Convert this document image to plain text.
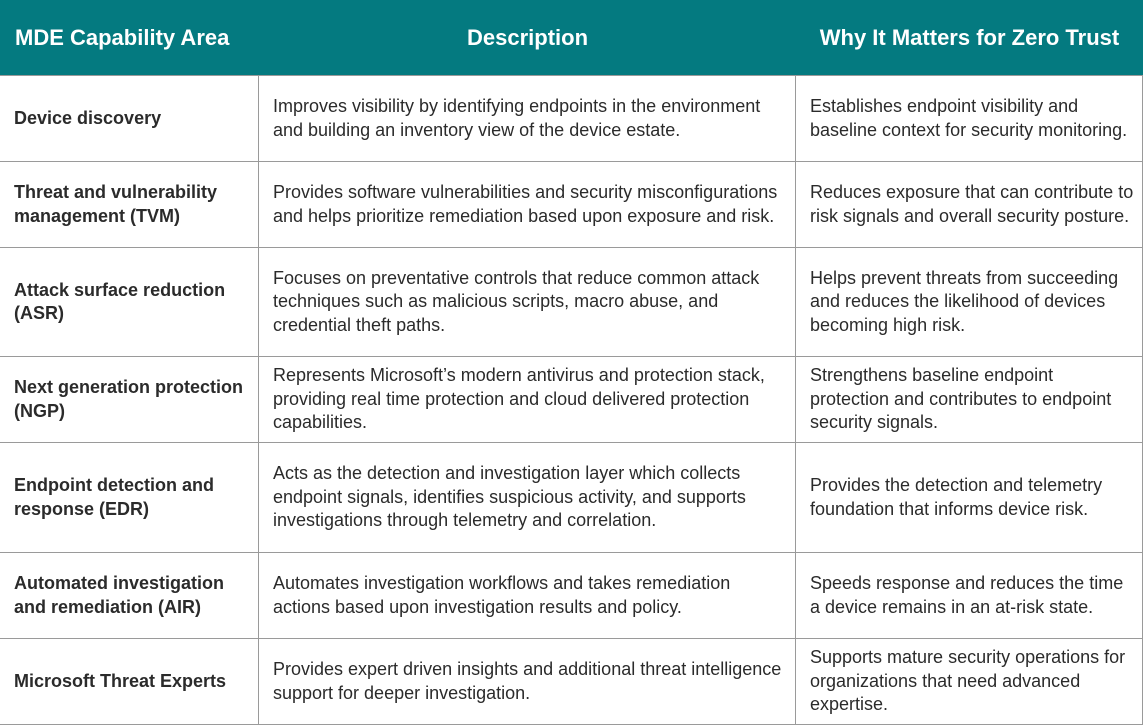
MDE Capability Area	Description	Why It Matters for Zero Trust
Device discovery
Improves visibility by identifying endpoints in the environment and building an inventory view of the device estate.
Establishes endpoint visibility and baseline context for security monitoring.
Threat and vulnerability management (TVM)
Provides software vulnerabilities and security misconfigurations and helps prioritize remediation based upon exposure and risk.
Reduces exposure that can contribute to risk signals and overall security posture.
Attack surface reduction (ASR)
Focuses on preventative controls that reduce common attack techniques such as malicious scripts, macro abuse, and credential theft paths.
Helps prevent threats from succeeding and reduces the likelihood of devices becoming high risk.
Next generation protection (NGP)
Represents Microsoft’s modern antivirus and protection stack, providing real time protection and cloud delivered protection capabilities.
Strengthens baseline endpoint protection and contributes to endpoint security signals.
Endpoint detection and response (EDR)
Acts as the detection and investigation layer which collects endpoint signals, identifies suspicious activity, and supports investigations through telemetry and correlation.
Provides the detection and telemetry foundation that informs device risk.
Automated investigation and remediation (AIR)
Automates investigation workflows and takes remediation actions based upon investigation results and policy.
Speeds response and reduces the time a device remains in an at-risk state.
Microsoft Threat Experts
Provides expert driven insights and additional threat intelligence support for deeper investigation.
Supports mature security operations for organizations that need advanced expertise.
